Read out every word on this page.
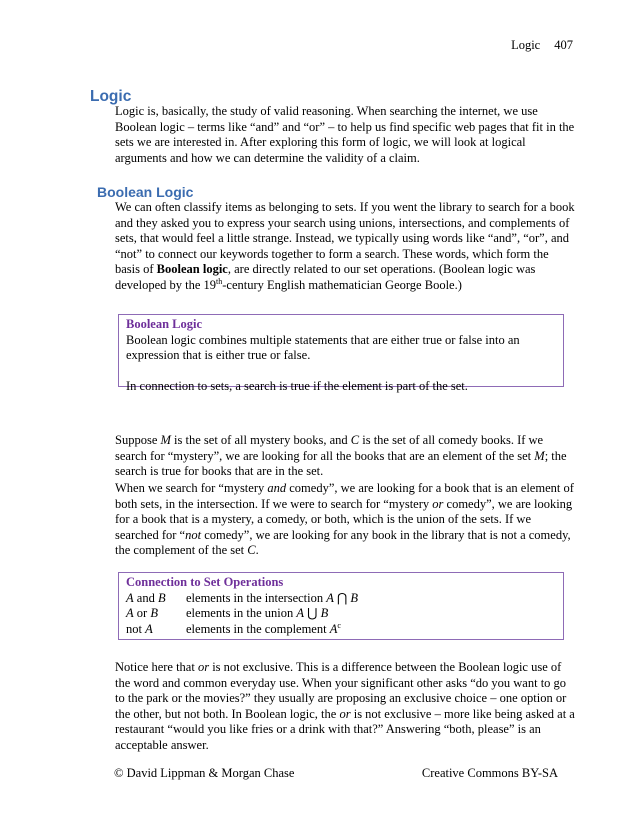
Logic 407
Logic

Logic is, basically, the study of valid reasoning. When searching the internet, we use Boolean logic – terms like “and” and “or” – to help us find specific web pages that fit in the sets we are interested in. After exploring this form of logic, we will look at logical arguments and how we can determine the validity of a claim.

Boolean Logic

We can often classify items as belonging to sets. If you went the library to search for a book and they asked you to express your search using unions, intersections, and complements of sets, that would feel a little strange. Instead, we typically using words like “and”, “or”, and “not” to connect our keywords together to form a search. These words, which form the basis of Boolean logic, are directly related to our set operations. (Boolean logic was developed by the 19th-century English mathematician George Boole.)

Boolean Logic

Boolean logic combines multiple statements that are either true or false into an expression that is either true or false.

In connection to sets, a search is true if the element is part of the set.

Suppose M is the set of all mystery books, and C is the set of all comedy books. If we search for “mystery”, we are looking for all the books that are an element of the set M; the search is true for books that are in the set.

When we search for “mystery and comedy”, we are looking for a book that is an element of both sets, in the intersection. If we were to search for “mystery or comedy”, we are looking for a book that is a mystery, a comedy, or both, which is the union of the sets. If we searched for “not comedy”, we are looking for any book in the library that is not a comedy, the complement of the set C.

Connection to Set Operations

A and B	elements in the intersection A ⋂ B
A or B	elements in the union A ⋃ B
not A	elements in the complement $A^c$

Notice here that or is not exclusive. This is a difference between the Boolean logic use of the word and common everyday use. When your significant other asks “do you want to go to the park or the movies?” they usually are proposing an exclusive choice – one option or the other, but not both. In Boolean logic, the or is not exclusive – more like being asked at a restaurant “would you like fries or a drink with that?” Answering “both, please” is an acceptable answer.

© David Lippman & Morgan Chase	Creative Commons BY-SA
